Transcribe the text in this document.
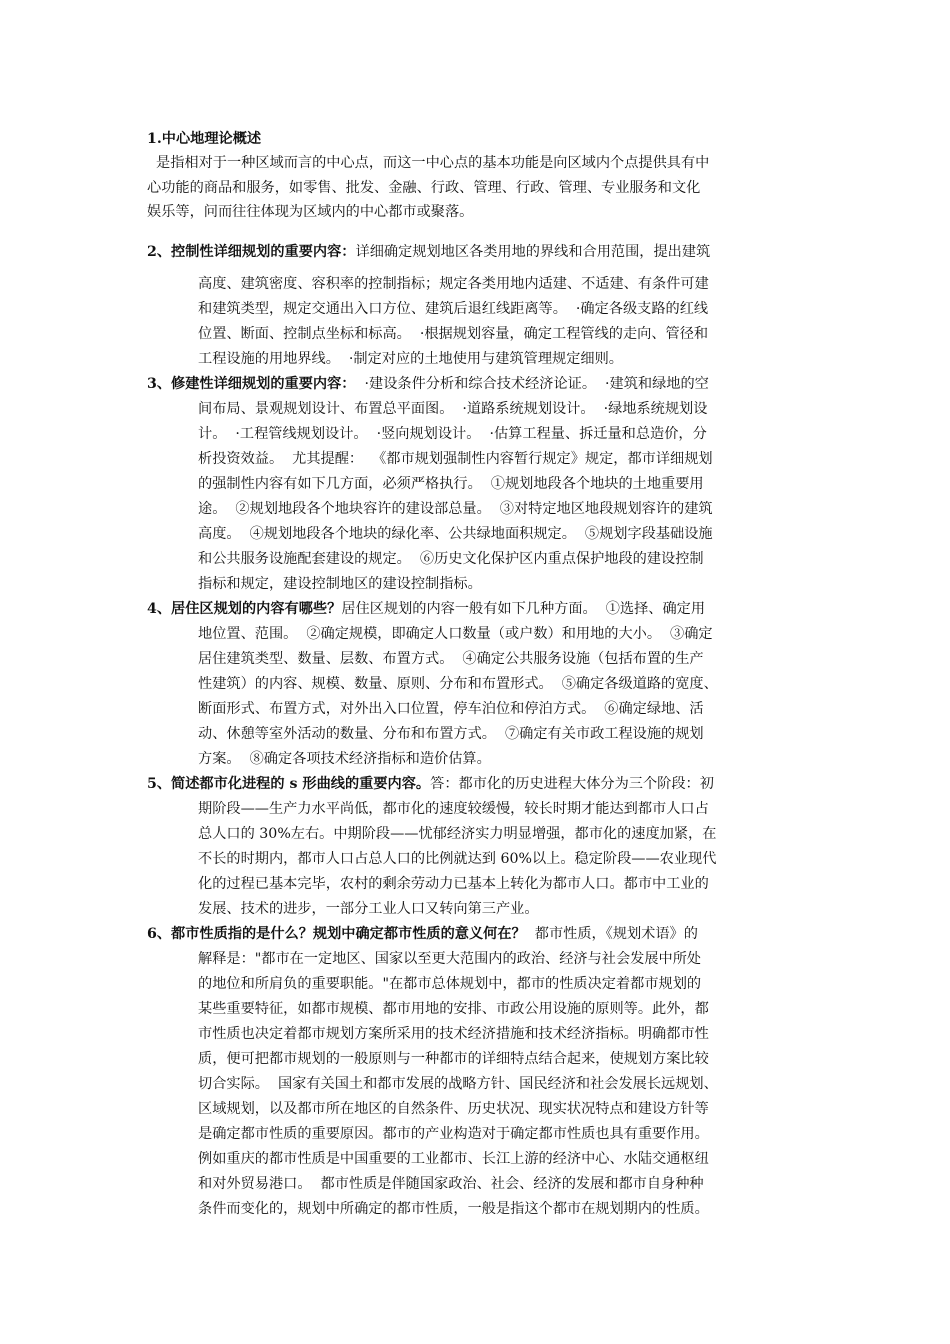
1.中心地理论概述
是指相对于一种区域而言的中心点，而这一中心点的基本功能是向区域内个点提供具有中
心功能的商品和服务，如零售、批发、金融、行政、管理、行政、管理、专业服务和文化
娱乐等，问而往往体现为区域内的中心都市或聚落。
2、控制性详细规划的重要内容：详细确定规划地区各类用地的界线和合用范围，提出建筑
高度、建筑密度、容积率的控制指标；规定各类用地内适建、不适建、有条件可建
和建筑类型，规定交通出入口方位、建筑后退红线距离等。  ·确定各级支路的红线
位置、断面、控制点坐标和标高。  ·根据规划容量，确定工程管线的走向、管径和
工程设施的用地界线。  ·制定对应的土地使用与建筑管理规定细则。
3、修建性详细规划的重要内容：  ·建设条件分析和综合技术经济论证。  ·建筑和绿地的空
间布局、景观规划设计、布置总平面图。  ·道路系统规划设计。  ·绿地系统规划设
计。  ·工程管线规划设计。  ·竖向规划设计。  ·估算工程量、拆迁量和总造价，分
析投资效益。  尤其提醒：  《都市规划强制性内容暂行规定》规定，都市详细规划
的强制性内容有如下几方面，必须严格执行。  ①规划地段各个地块的土地重要用
途。  ②规划地段各个地块容许的建设部总量。  ③对特定地区地段规划容许的建筑
高度。  ④规划地段各个地块的绿化率、公共绿地面积规定。  ⑤规划字段基础设施
和公共服务设施配套建设的规定。  ⑥历史文化保护区内重点保护地段的建设控制
指标和规定，建设控制地区的建设控制指标。
4、居住区规划的内容有哪些？居住区规划的内容一般有如下几种方面。  ①选择、确定用
地位置、范围。  ②确定规模，即确定人口数量（或户数）和用地的大小。  ③确定
居住建筑类型、数量、层数、布置方式。  ④确定公共服务设施（包括布置的生产
性建筑）的内容、规模、数量、原则、分布和布置形式。  ⑤确定各级道路的宽度、
断面形式、布置方式，对外出入口位置，停车泊位和停泊方式。  ⑥确定绿地、活
动、休憩等室外活动的数量、分布和布置方式。  ⑦确定有关市政工程设施的规划
方案。  ⑧确定各项技术经济指标和造价估算。
5、简述都市化进程的 s 形曲线的重要内容。答：都市化的历史进程大体分为三个阶段：初
期阶段——生产力水平尚低，都市化的速度较缓慢，较长时期才能达到都市人口占
总人口的 30%左右。中期阶段——忧郁经济实力明显增强，都市化的速度加紧，在
不长的时期内，都市人口占总人口的比例就达到 60%以上。稳定阶段——农业现代
化的过程已基本完毕，农村的剩余劳动力已基本上转化为都市人口。都市中工业的
发展、技术的进步，一部分工业人口又转向第三产业。
6、都市性质指的是什么？规划中确定都市性质的意义何在？  都市性质，《规划术语》的
解释是："都市在一定地区、国家以至更大范围内的政治、经济与社会发展中所处
的地位和所肩负的重要职能。"在都市总体规划中，都市的性质决定着都市规划的
某些重要特征，如都市规模、都市用地的安排、市政公用设施的原则等。此外，都
市性质也决定着都市规划方案所采用的技术经济措施和技术经济指标。明确都市性
质，便可把都市规划的一般原则与一种都市的详细特点结合起来，使规划方案比较
切合实际。  国家有关国土和都市发展的战略方针、国民经济和社会发展长远规划、
区域规划，以及都市所在地区的自然条件、历史状况、现实状况特点和建设方针等
是确定都市性质的重要原因。都市的产业构造对于确定都市性质也具有重要作用。
例如重庆的都市性质是中国重要的工业都市、长江上游的经济中心、水陆交通枢纽
和对外贸易港口。  都市性质是伴随国家政治、社会、经济的发展和都市自身种种
条件而变化的，规划中所确定的都市性质，一般是指这个都市在规划期内的性质。
